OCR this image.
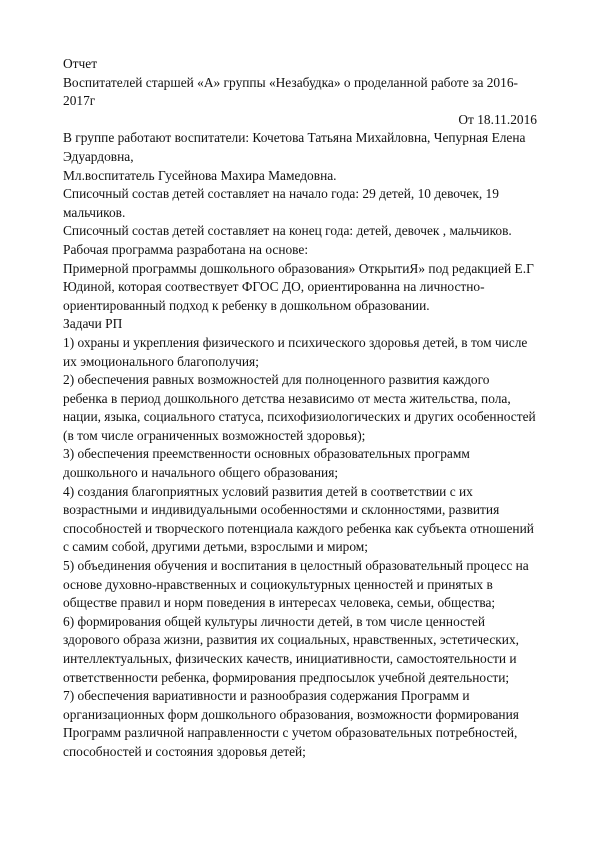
Отчет

Воспитателей старшей «А» группы «Незабудка» о проделанной работе за 2016-2017г

От 18.11.2016

В группе работают воспитатели: Кочетова Татьяна Михайловна, Чепурная Елена Эдуардовна,

Мл.воспитатель Гусейнова Махира Мамедовна.

Списочный состав детей составляет на начало года: 29 детей, 10 девочек, 19 мальчиков.

Списочный состав детей составляет на конец года: детей, девочек , мальчиков.

Рабочая программа разработана на основе:

Примерной программы дошкольного образования» ОткрытиЯ» под редакцией Е.Г Юдиной, которая соотвествует ФГОС ДО, ориентированна на личностно-ориентированный подход к ребенку в дошкольном образовании.

Задачи РП

1) охраны и укрепления физического и психического здоровья детей, в том числе их эмоционального благополучия;

2) обеспечения равных возможностей для полноценного развития каждого ребенка в период дошкольного детства независимо от места жительства, пола, нации, языка, социального статуса, психофизиологических и других особенностей (в том числе ограниченных возможностей здоровья);

3) обеспечения преемственности основных образовательных программ дошкольного и начального общего образования;

4) создания благоприятных условий развития детей в соответствии с их возрастными и индивидуальными особенностями и склонностями, развития способностей и творческого потенциала каждого ребенка как субъекта отношений с самим собой, другими детьми, взрослыми и миром;

5) объединения обучения и воспитания в целостный образовательный процесс на основе духовно-нравственных и социокультурных ценностей и принятых в обществе правил и норм поведения в интересах человека, семьи, общества;

6) формирования общей культуры личности детей, в том числе ценностей здорового образа жизни, развития их социальных, нравственных, эстетических, интеллектуальных, физических качеств, инициативности, самостоятельности и ответственности ребенка, формирования предпосылок учебной деятельности;

7) обеспечения вариативности и разнообразия содержания Программ и организационных форм дошкольного образования, возможности формирования Программ различной направленности с учетом образовательных потребностей, способностей и состояния здоровья детей;
